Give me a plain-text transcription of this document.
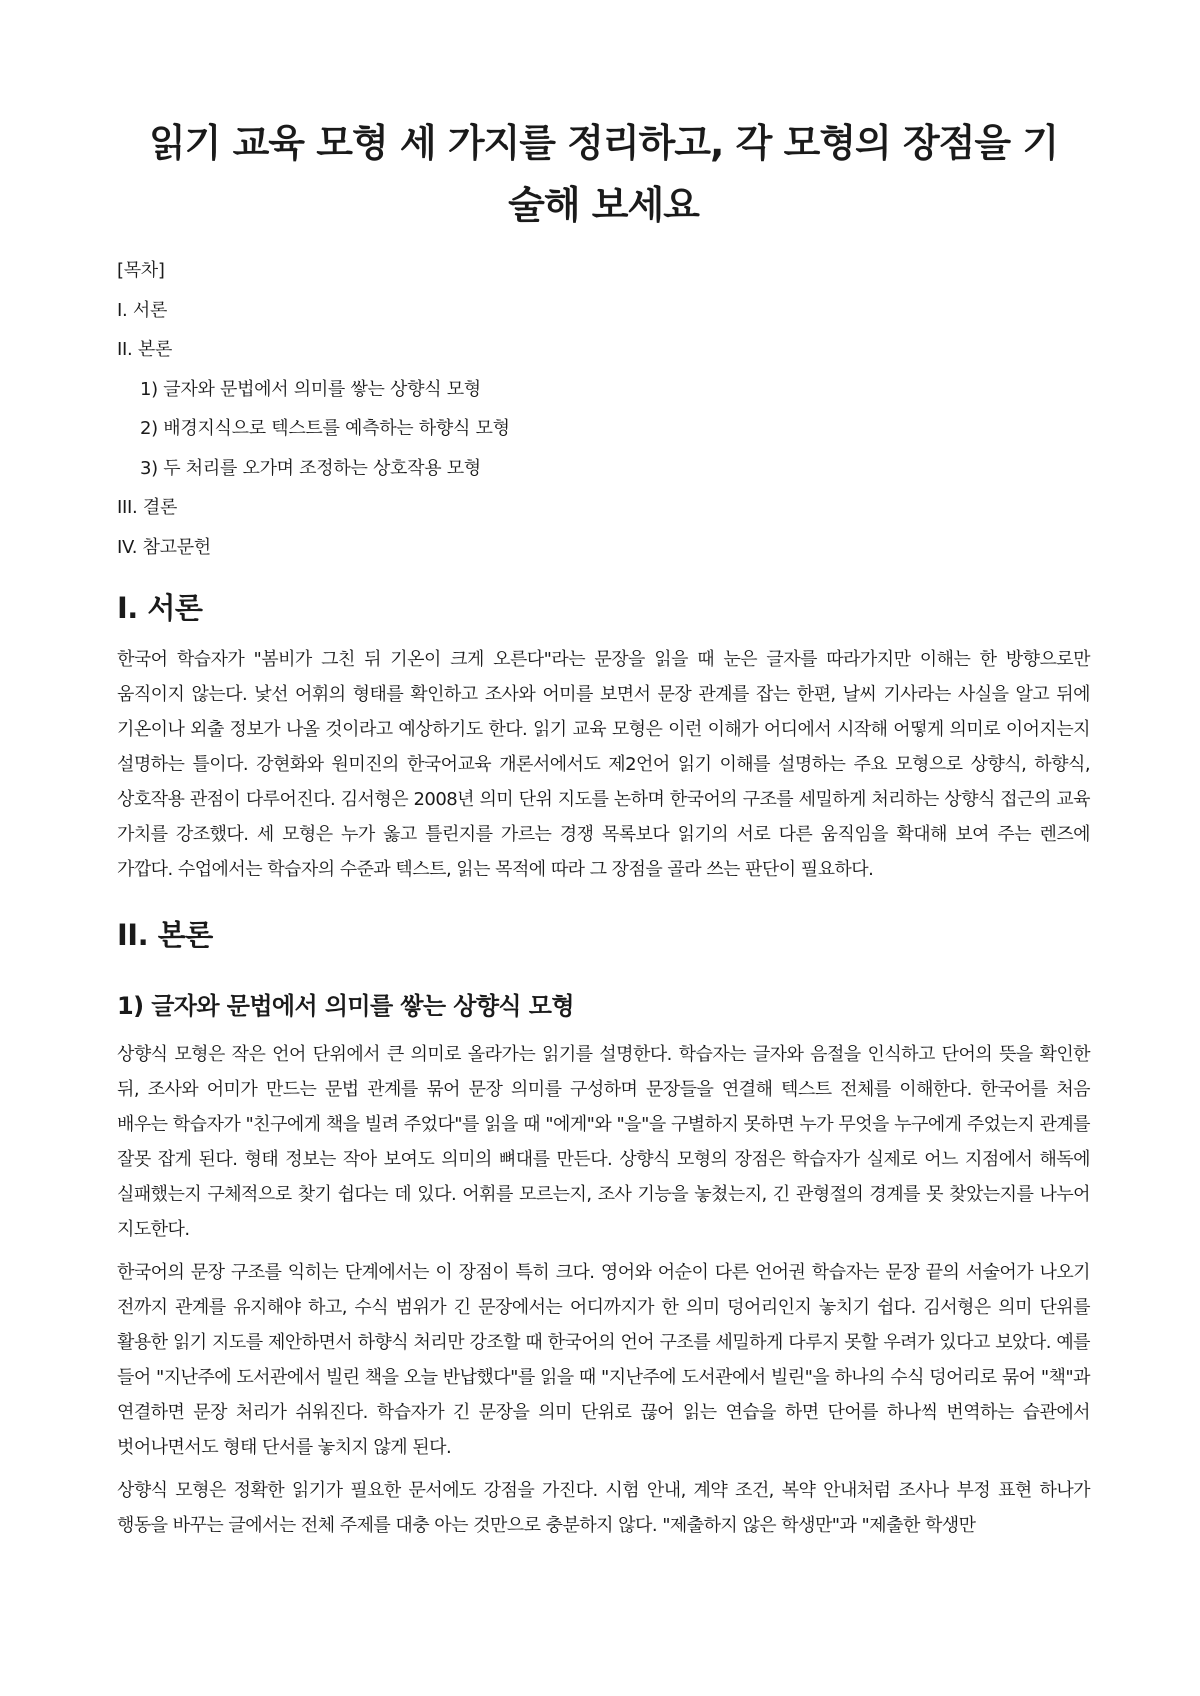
읽기 교육 모형 세 가지를 정리하고, 각 모형의 장점을 기술해 보세요
[목차]
I. 서론
II. 본론
1) 글자와 문법에서 의미를 쌓는 상향식 모형
2) 배경지식으로 텍스트를 예측하는 하향식 모형
3) 두 처리를 오가며 조정하는 상호작용 모형
III. 결론
IV. 참고문헌
I. 서론

한국어 학습자가 "봄비가 그친 뒤 기온이 크게 오른다"라는 문장을 읽을 때 눈은 글자를 따라가지만 이해는 한 방향으로만 움직이지 않는다. 낯선 어휘의 형태를 확인하고 조사와 어미를 보면서 문장 관계를 잡는 한편, 날씨 기사라는 사실을 알고 뒤에 기온이나 외출 정보가 나올 것이라고 예상하기도 한다. 읽기 교육 모형은 이런 이해가 어디에서 시작해 어떻게 의미로 이어지는지 설명하는 틀이다. 강현화와 원미진의 한국어교육 개론서에서도 제2언어 읽기 이해를 설명하는 주요 모형으로 상향식, 하향식, 상호작용 관점이 다루어진다. 김서형은 2008년 의미 단위 지도를 논하며 한국어의 구조를 세밀하게 처리하는 상향식 접근의 교육 가치를 강조했다. 세 모형은 누가 옳고 틀린지를 가르는 경쟁 목록보다 읽기의 서로 다른 움직임을 확대해 보여 주는 렌즈에 가깝다. 수업에서는 학습자의 수준과 텍스트, 읽는 목적에 따라 그 장점을 골라 쓰는 판단이 필요하다.

II. 본론
1) 글자와 문법에서 의미를 쌓는 상향식 모형

상향식 모형은 작은 언어 단위에서 큰 의미로 올라가는 읽기를 설명한다. 학습자는 글자와 음절을 인식하고 단어의 뜻을 확인한 뒤, 조사와 어미가 만드는 문법 관계를 묶어 문장 의미를 구성하며 문장들을 연결해 텍스트 전체를 이해한다. 한국어를 처음 배우는 학습자가 "친구에게 책을 빌려 주었다"를 읽을 때 "에게"와 "을"을 구별하지 못하면 누가 무엇을 누구에게 주었는지 관계를 잘못 잡게 된다. 형태 정보는 작아 보여도 의미의 뼈대를 만든다. 상향식 모형의 장점은 학습자가 실제로 어느 지점에서 해독에 실패했는지 구체적으로 찾기 쉽다는 데 있다. 어휘를 모르는지, 조사 기능을 놓쳤는지, 긴 관형절의 경계를 못 찾았는지를 나누어 지도한다.

한국어의 문장 구조를 익히는 단계에서는 이 장점이 특히 크다. 영어와 어순이 다른 언어권 학습자는 문장 끝의 서술어가 나오기 전까지 관계를 유지해야 하고, 수식 범위가 긴 문장에서는 어디까지가 한 의미 덩어리인지 놓치기 쉽다. 김서형은 의미 단위를 활용한 읽기 지도를 제안하면서 하향식 처리만 강조할 때 한국어의 언어 구조를 세밀하게 다루지 못할 우려가 있다고 보았다. 예를 들어 "지난주에 도서관에서 빌린 책을 오늘 반납했다"를 읽을 때 "지난주에 도서관에서 빌린"을 하나의 수식 덩어리로 묶어 "책"과 연결하면 문장 처리가 쉬워진다. 학습자가 긴 문장을 의미 단위로 끊어 읽는 연습을 하면 단어를 하나씩 번역하는 습관에서 벗어나면서도 형태 단서를 놓치지 않게 된다.

상향식 모형은 정확한 읽기가 필요한 문서에도 강점을 가진다. 시험 안내, 계약 조건, 복약 안내처럼 조사나 부정 표현 하나가 행동을 바꾸는 글에서는 전체 주제를 대충 아는 것만으로 충분하지 않다. "제출하지 않은 학생만"과 "제출한 학생만
